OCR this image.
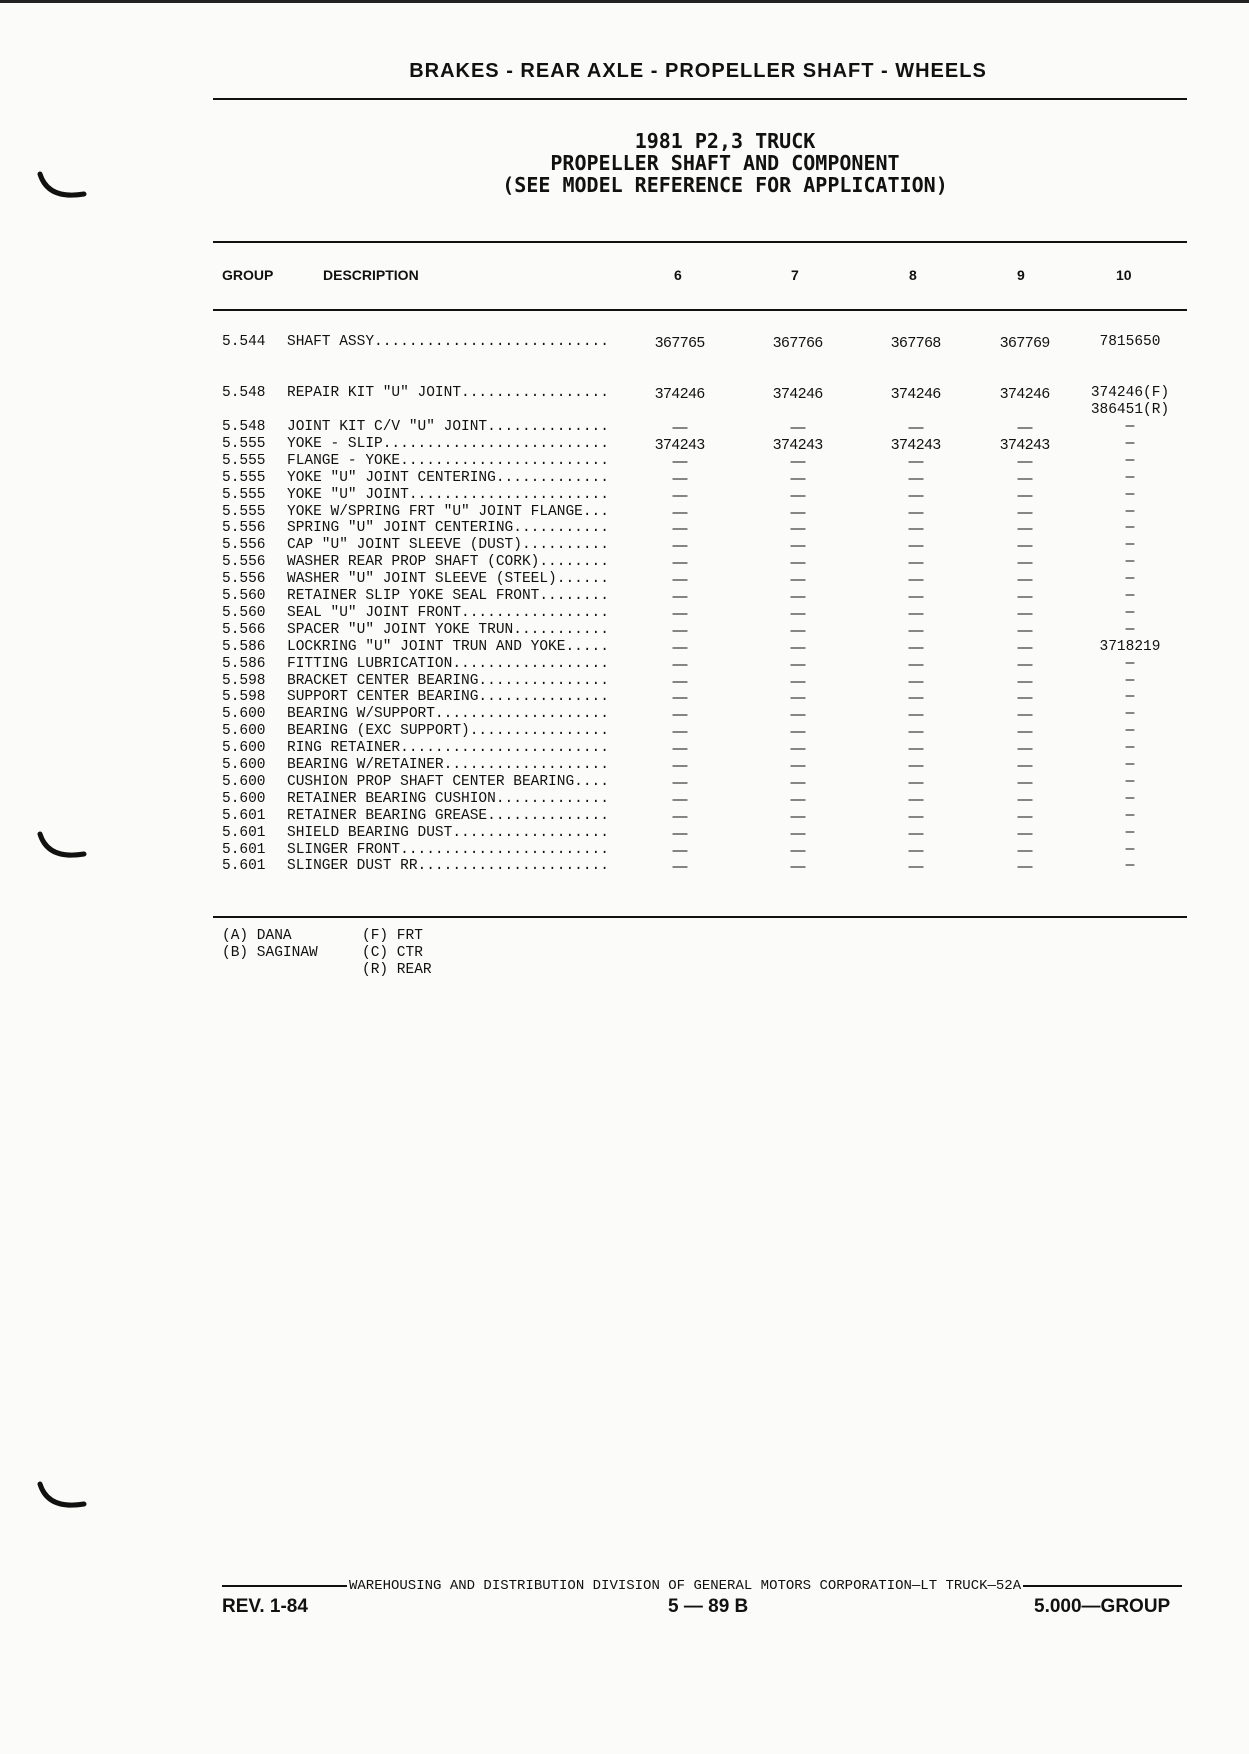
BRAKES - REAR AXLE - PROPELLER SHAFT - WHEELS
1981 P2,3 TRUCK
PROPELLER SHAFT AND COMPONENT
(SEE MODEL REFERENCE FOR APPLICATION)
GROUP	DESCRIPTION	6	7	8	9	10
5.544	SHAFT ASSY...........................	367765	367766	367768	367769	7815650
5.548	REPAIR KIT "U" JOINT.................	374246	374246	374246	374246	374246(F)
386451(R)
5.548	JOINT KIT C/V "U" JOINT..............	—	—	—	—	—
5.555	YOKE - SLIP..........................	374243	374243	374243	374243	—
5.555	FLANGE - YOKE........................	—	—	—	—	—
5.555	YOKE "U" JOINT CENTERING.............	—	—	—	—	—
5.555	YOKE "U" JOINT.......................	—	—	—	—	—
5.555	YOKE W/SPRING FRT "U" JOINT FLANGE...	—	—	—	—	—
5.556	SPRING "U" JOINT CENTERING...........	—	—	—	—	—
5.556	CAP "U" JOINT SLEEVE (DUST)..........	—	—	—	—	—
5.556	WASHER REAR PROP SHAFT (CORK)........	—	—	—	—	—
5.556	WASHER "U" JOINT SLEEVE (STEEL)......	—	—	—	—	—
5.560	RETAINER SLIP YOKE SEAL FRONT........	—	—	—	—	—
5.560	SEAL "U" JOINT FRONT.................	—	—	—	—	—
5.566	SPACER "U" JOINT YOKE TRUN...........	—	—	—	—	—
5.586	LOCKRING "U" JOINT TRUN AND YOKE.....	—	—	—	—	3718219
5.586	FITTING LUBRICATION..................	—	—	—	—	—
5.598	BRACKET CENTER BEARING...............	—	—	—	—	—
5.598	SUPPORT CENTER BEARING...............	—	—	—	—	—
5.600	BEARING W/SUPPORT....................	—	—	—	—	—
5.600	BEARING (EXC SUPPORT)................	—	—	—	—	—
5.600	RING RETAINER........................	—	—	—	—	—
5.600	BEARING W/RETAINER...................	—	—	—	—	—
5.600	CUSHION PROP SHAFT CENTER BEARING....	—	—	—	—	—
5.600	RETAINER BEARING CUSHION.............	—	—	—	—	—
5.601	RETAINER BEARING GREASE..............	—	—	—	—	—
5.601	SHIELD BEARING DUST..................	—	—	—	—	—
5.601	SLINGER FRONT........................	—	—	—	—	—
5.601	SLINGER DUST RR......................	—	—	—	—	—
(A) DANA
(B) SAGINAW
(F) FRT
(C) CTR
(R) REAR
WAREHOUSING AND DISTRIBUTION DIVISION OF GENERAL MOTORS CORPORATION—LT TRUCK—52A
REV. 1-84	5 — 89 B	5.000—GROUP
